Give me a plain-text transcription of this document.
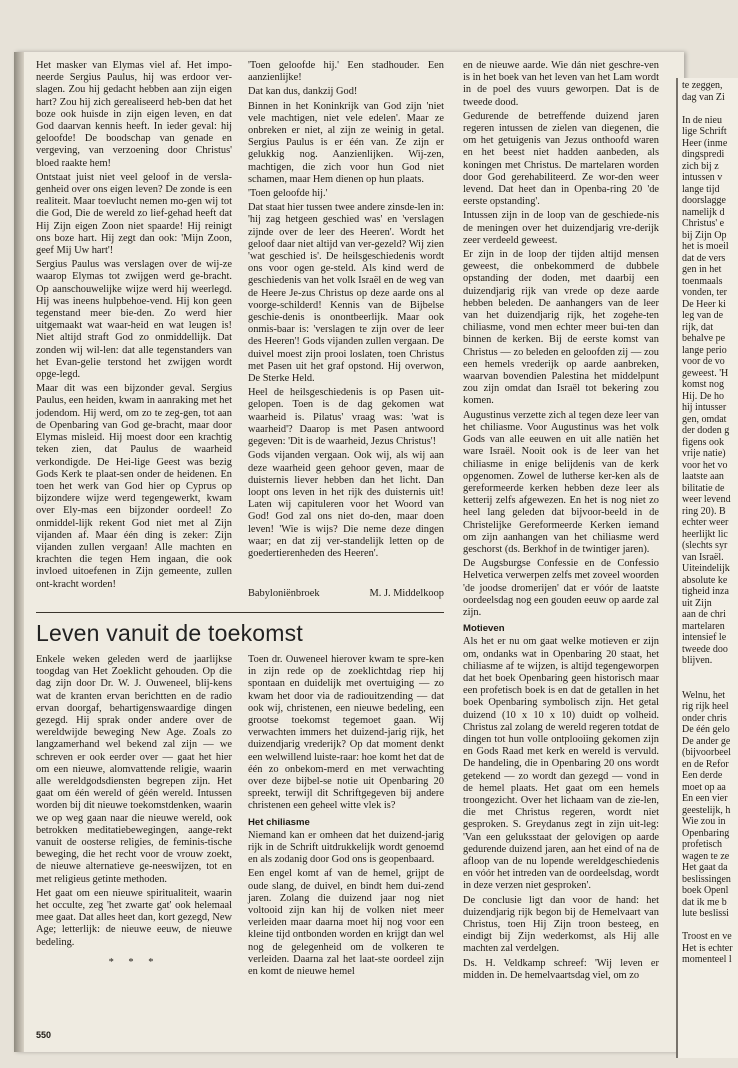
Het masker van Elymas viel af. Het impo-neerde Sergius Paulus, hij was erdoor ver-slagen. Zou hij gedacht hebben aan zijn eigen hart? Zou hij zich gerealiseerd heb-ben dat het boze ook huisde in zijn eigen leven, en dat God daarvan kennis heeft. In ieder geval: hij geloofde! De boodschap van genade en vergeving, van verzoening door Christus' bloed raakte hem!

Ontstaat juist niet veel geloof in de versla-genheid over ons eigen leven? De zonde is een realiteit. Maar toevlucht nemen mo-gen wij tot die God, Die de wereld zo lief-gehad heeft dat Hij Zijn eigen Zoon niet spaarde! Hij reinigt ons boze hart. Hij zegt dan ook: 'Mijn Zoon, geef Mij Uw hart'!

Sergius Paulus was verslagen over de wij-ze waarop Elymas tot zwijgen werd ge-bracht. Op aanschouwelijke wijze werd hij weerlegd. Hij was ineens hulpbehoe-vend. Hij kon geen tegenstand meer bie-den. Zo werd hier uitgemaakt wat waar-heid en wat leugen is! Niet altijd straft God zo onmiddellijk. Dat zonden wij wil-len: dat alle tegenstanders van het Evan-gelie terstond het zwijgen wordt opge-legd.

Maar dit was een bijzonder geval. Sergius Paulus, een heiden, kwam in aanraking met het jodendom. Hij werd, om zo te zeg-gen, tot aan de Openbaring van God ge-bracht, maar door Elymas misleid. Hij moest door een krachtig teken zien, dat Paulus de waarheid verkondigde. De Hei-lige Geest was bezig Gods Kerk te plaat-sen onder de heidenen. En toen het werk van God hier op Cyprus op bijzondere wijze werd tegengewerkt, kwam over Ely-mas een bijzonder oordeel! Zo onmiddel-lijk rekent God niet met al Zijn vijanden af. Maar één ding is zeker: Zijn vijanden zullen vergaan! Alle machten en krachten die tegen Hem ingaan, die ook invloed uitoefenen in Zijn gemeente, zullen ont-kracht worden!

'Toen geloofde hij.' Een stadhouder. Een aanzienlijke!

Dat kan dus, dankzij God!

Binnen in het Koninkrijk van God zijn 'niet vele machtigen, niet vele edelen'. Maar ze onbreken er niet, al zijn ze weinig in getal. Sergius Paulus is er één van. Ze zijn er gelukkig nog. Aanzienlijken. Wij-zen, machtigen, die zich voor hun God niet schamen, maar Hem dienen op hun plaats.

'Toen geloofde hij.'

Dat staat hier tussen twee andere zinsde-len in: 'hij zag hetgeen geschied was' en 'verslagen zijnde over de leer des Heeren'. Wordt het geloof daar niet altijd van ver-gezeld? Wij zien 'wat geschied is'. De heilsgeschiedenis wordt ons voor ogen ge-steld. Als kind werd de geschiedenis van het volk Israël en de weg van de Heere Je-zus Christus op deze aarde ons al voorge-schilderd! Kennis van de Bijbelse geschie-denis is onontbeerlijk. Maar ook onmis-baar is: 'verslagen te zijn over de leer des Heeren'! Gods vijanden zullen vergaan. De duivel moest zijn prooi loslaten, toen Christus met Pasen uit het graf opstond. Hij overwon, De Sterke Held.

Heel de heilsgeschiedenis is op Pasen uit-gelopen. Toen is de dag gekomen wat waarheid is. Pilatus' vraag was: 'wat is waarheid'? Daarop is met Pasen antwoord gegeven: 'Dit is de waarheid, Jezus Christus'!

Gods vijanden vergaan. Ook wij, als wij aan deze waarheid geen gehoor geven, maar de duisternis liever hebben dan het licht. Dan loopt ons leven in het rijk des duisternis uit! Laten wij capituleren voor het Woord van God! God zal ons niet do-den, maar doen leven! 'Wie is wijs? Die neme deze dingen waar; en dat zij ver-standelijk letten op de goedertierenheden des Heeren'.

Babyloniënbroek	M. J. Middelkoop

en de nieuwe aarde. Wie dán niet geschre-ven is in het boek van het leven van het Lam wordt in de poel des vuurs geworpen. Dat is de tweede dood.

Gedurende de betreffende duizend jaren regeren intussen de zielen van diegenen, die om het getuigenis van Jezus onthoofd waren en het beest niet hadden aanbeden, als koningen met Christus. De martelaren worden door God gerehabiliteerd. Ze wor-den weer levend. Dat heet dan in Openba-ring 20 'de eerste opstanding'.

Intussen zijn in de loop van de geschiede-nis de meningen over het duizendjarig vre-derijk zeer verdeeld geweest.

Er zijn in de loop der tijden altijd mensen geweest, die onbekommerd de dubbele opstanding der doden, met daarbij een duizendjarig rijk van vrede op deze aarde hebben beleden. De aanhangers van de leer van het duizendjarig rijk, het zogehe-ten chiliasme, vond men echter meer bui-ten dan binnen de kerken. Bij de eerste komst van Christus — zo beleden en geloofden zij — zou een hemels vrederijk op aarde aanbreken, waarvan bovendien Palestina het middelpunt zou zijn omdat dan Israël tot bekering zou komen.

Augustinus verzette zich al tegen deze leer van het chiliasme. Voor Augustinus was het volk Gods van alle eeuwen en uit alle natiën het ware Israël. Nooit ook is de leer van het chiliasme in enige belijdenis van de kerk opgenomen. Zowel de lutherse ker-ken als de gereformeerde kerken hebben deze leer als ketterij zelfs afgewezen. En het is nog niet zo heel lang geleden dat bijvoor-beeld in de Christelijke Gereformeerde Kerken iemand om zijn aanhangen van het chiliasme werd geschorst (ds. Berkhof in de twintiger jaren).

De Augsburgse Confessie en de Confessio Helvetica verwerpen zelfs met zoveel woorden 'de joodse dromerijen' dat er vóór de laatste oordeelsdag nog een gouden eeuw op aarde zal zijn.

Motieven

Als het er nu om gaat welke motieven er zijn om, ondanks wat in Openbaring 20 staat, het chiliasme af te wijzen, is altijd tegengeworpen dat het boek Openbaring geen historisch maar een profetisch boek is en dat de getallen in het boek Openbaring symbolisch zijn. Het getal duizend (10 x 10 x 10) duidt op volheid. Christus zal zolang de wereld regeren totdat de dingen tot hun volle ontplooiing gekomen zijn en Gods Raad met kerk en wereld is vervuld. De handeling, die in Openbaring 20 ons wordt getekend — zo wordt dan gezegd — vond in de hemel plaats. Het gaat om een hemels troongezicht. Over het lichaam van de zie-len, die met Christus regeren, wordt niet gesproken. S. Greydanus zegt in zijn uit-leg: 'Van een geluksstaat der gelovigen op aarde gedurende duizend jaren, aan het eind of na de afloop van de nu lopende wereldgeschiedenis en vóór het intreden van de oordeelsdag, wordt in deze verzen niet gesproken'.

De conclusie ligt dan voor de hand: het duizendjarig rijk begon bij de Hemelvaart van Christus, toen Hij Zijn troon besteeg, en eindigt bij Zijn wederkomst, als Hij alle machten zal verdelgen.

Ds. H. Veldkamp schreef: 'Wij leven er midden in. De hemelvaartsdag viel, om zo

Leven vanuit de toekomst

Enkele weken geleden werd de jaarlijkse toogdag van Het Zoeklicht gehouden. Op die dag zijn door Dr. W. J. Ouweneel, blij-kens wat de kranten ervan berichtten en de radio ervan doorgaf, behartigenswaardige dingen gezegd. Hij sprak onder andere over de wereldwijde beweging New Age. Zoals zo langzamerhand wel bekend zal zijn — we schreven er ook eerder over — gaat het hier om een nieuwe, alomvattende religie, waarin alle wereldgodsdiensten begrepen zijn. Het gaat om één wereld of géén wereld. Intussen worden bij dit nieuwe toekomstdenken, waarin we op weg gaan naar die nieuwe wereld, ook betrokken meditatiebewegingen, aange-rekt vanuit de oosterse religies, de feminis-tische beweging, die het recht voor de vrouw zoekt, de nieuwe alternatieve ge-neeswijzen, tot en met religieus getinte methoden.

Het gaat om een nieuwe spiritualiteit, waarin het occulte, zeg 'het zwarte gat' ook helemaal mee gaat. Dat alles heet dan, kort gezegd, New Age; letterlijk: de nieuwe eeuw, de nieuwe bedeling.

* * *

Toen dr. Ouweneel hierover kwam te spre-ken in zijn rede op de zoeklichtdag riep hij spontaan en duidelijk met overtuiging — zo kwam het door via de radiouitzending — dat ook wij, christenen, een nieuwe bedeling, een grootse toekomst tegemoet gaan. Wij verwachten immers het duizend-jarig rijk, het duizendjarig vrederijk? Op dat moment denkt een welwillend luiste-raar: hoe komt het dat de één zo onbekom-merd en met verwachting over deze bijbel-se notie uit Openbaring 20 spreekt, terwijl dit Schriftgegeven bij andere christenen een geheel witte vlek is?

Het chiliasme

Niemand kan er omheen dat het duizend-jarig rijk in de Schrift uitdrukkelijk wordt genoemd en als zodanig door God ons is geopenbaard.

Een engel komt af van de hemel, grijpt de oude slang, de duivel, en bindt hem dui-zend jaren. Zolang die duizend jaar nog niet voltooid zijn kan hij de volken niet meer verleiden maar daarna moet hij nog voor een kleine tijd ontbonden worden en krijgt dan wel nog de gelegenheid om de volkeren te verleiden. Daarna zal het laat-ste oordeel zijn en komt de nieuwe hemel

550
te zeggen,
dag van Zi
In de nieu
lige Schrift
Heer (inme
dingspredi
zich bij z
intussen v
lange tijd
doorslagge
namelijk d
Christus' e
bij Zijn Op
het is moeil
dat de vers
gen in het
toenmaals
vonden, ter
De Heer ki
leg van de
rijk, dat
behalve pe
lange perio
voor de vo
geweest. 'H
komst nog
Hij. De ho
hij intusser
gen, omdat
der doden g
figens ook
vrije natie)
voor het vo
laatste aan
bilitatie de
weer levend
ring 20). B
echter weer
heerlijkt lic
(slechts syr
van Israël.
Uiteindelijk
absolute ke
tigheid inza
uit Zijn
aan de chri
martelaren
intensief le
tweede doo
blijven.
Welnu, het
rig rijk heel
onder chris
De één gelo
De ander ge
(bijvoorbeel
en de Refor
Een derde
moet op aa
En een vier
geestelijk, h
Wie zou in
Openbaring
profetisch
wagen te ze
Het gaat da
beslissingen
boek Openl
dat ik me b
lute beslissi
Troost en ve
Het is echter
momenteel l
